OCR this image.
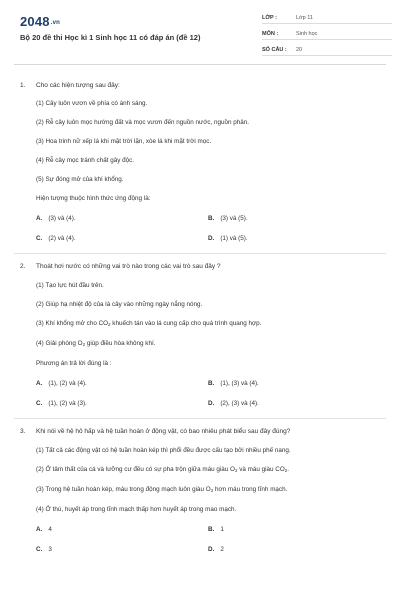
2048.vn
Bộ 20 đề thi Học kì 1 Sinh học 11 có đáp án (đề 12)
LỚP :	Lớp 11
MÔN :	Sinh học
SỐ CÂU :	20
1. Cho các hiện tượng sau đây:
(1) Cây luôn vươn về phía có ánh sáng.
(2) Rễ cây luôn mọc hướng đất và mọc vươn đến nguồn nước, nguồn phân.
(3) Hoa trinh nữ xếp lá khi mặt trời lặn, xòe lá khi mặt trời mọc.
(4) Rễ cây mọc tránh chất gây độc.
(5) Sự đóng mở của khí khổng.
Hiện tượng thuộc hình thức ứng động là:
A. (3) và (4).	B. (3) và (5).
C. (2) và (4).	D. (1) và (5).
2. Thoát hơi nước có những vai trò nào trong các vai trò sau đây ?
(1) Tạo lực hút đầu trên.
(2) Giúp hạ nhiệt độ của lá cây vào những ngày nắng nóng.
(3) Khí khổng mở cho $CO_2$ khuếch tán vào lá cung cấp cho quá trình quang hợp.
(4) Giải phóng $O_2$ giúp điều hòa không khí.
Phương án trả lời đúng là :
A. (1), (2) và (4).	B. (1), (3) và (4).
C. (1), (2) và (3).	D. (2), (3) và (4).
3. Khi nói về hệ hô hấp và hệ tuần hoàn ở động vật, có bao nhiêu phát biểu sau đây đúng?
(1) Tất cả các động vật có hệ tuần hoàn kép thì phổi đều được cấu tạo bởi nhiều phế nang.
(2) Ở tâm thất của cá và lưỡng cư đều có sự pha trộn giữa máu giàu $O_2$ và máu giàu $CO_2$.
(3) Trong hệ tuần hoàn kép, máu trong động mạch luôn giàu $O_2$ hơn máu trong tĩnh mạch.
(4) Ở thú, huyết áp trong tĩnh mạch thấp hơn huyết áp trong mao mạch.
A. 4	B. 1
C. 3	D. 2
